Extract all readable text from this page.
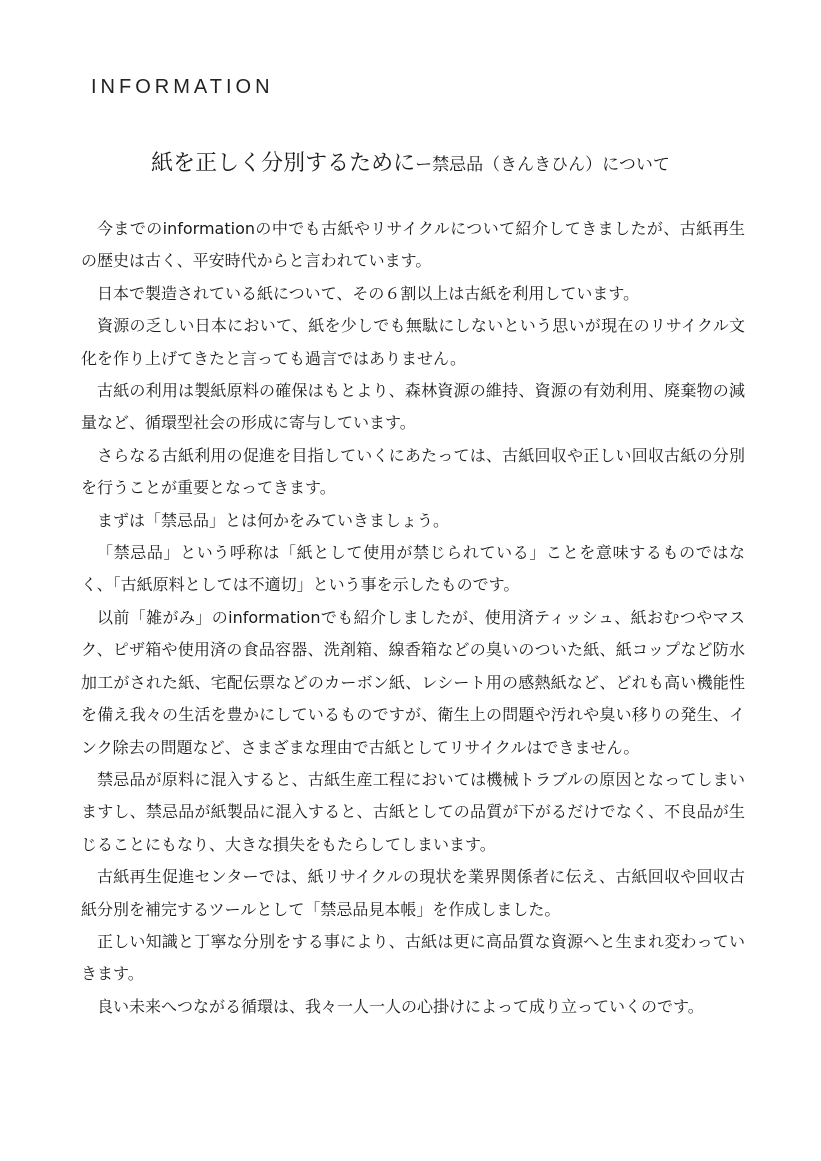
INFORMATION
紙を正しく分別するためにー禁忌品（きんきひん）について

今までのinformationの中でも古紙やリサイクルについて紹介してきましたが、古紙再生の歴史は古く、平安時代からと言われています。

日本で製造されている紙について、その６割以上は古紙を利用しています。

資源の乏しい日本において、紙を少しでも無駄にしないという思いが現在のリサイクル文化を作り上げてきたと言っても過言ではありません。

古紙の利用は製紙原料の確保はもとより、森林資源の維持、資源の有効利用、廃棄物の減量など、循環型社会の形成に寄与しています。

さらなる古紙利用の促進を目指していくにあたっては、古紙回収や正しい回収古紙の分別を行うことが重要となってきます。

まずは「禁忌品」とは何かをみていきましょう。

「禁忌品」という呼称は「紙として使用が禁じられている」ことを意味するものではなく、「古紙原料としては不適切」という事を示したものです。

以前「雑がみ」のinformationでも紹介しましたが、使用済ティッシュ、紙おむつやマスク、ピザ箱や使用済の食品容器、洗剤箱、線香箱などの臭いのついた紙、紙コップなど防水加工がされた紙、宅配伝票などのカーボン紙、レシート用の感熱紙など、どれも高い機能性を備え我々の生活を豊かにしているものですが、衛生上の問題や汚れや臭い移りの発生、インク除去の問題など、さまざまな理由で古紙としてリサイクルはできません。

禁忌品が原料に混入すると、古紙生産工程においては機械トラブルの原因となってしまいますし、禁忌品が紙製品に混入すると、古紙としての品質が下がるだけでなく、不良品が生じることにもなり、大きな損失をもたらしてしまいます。

古紙再生促進センターでは、紙リサイクルの現状を業界関係者に伝え、古紙回収や回収古紙分別を補完するツールとして「禁忌品見本帳」を作成しました。

正しい知識と丁寧な分別をする事により、古紙は更に高品質な資源へと生まれ変わっていきます。

良い未来へつながる循環は、我々一人一人の心掛けによって成り立っていくのです。
